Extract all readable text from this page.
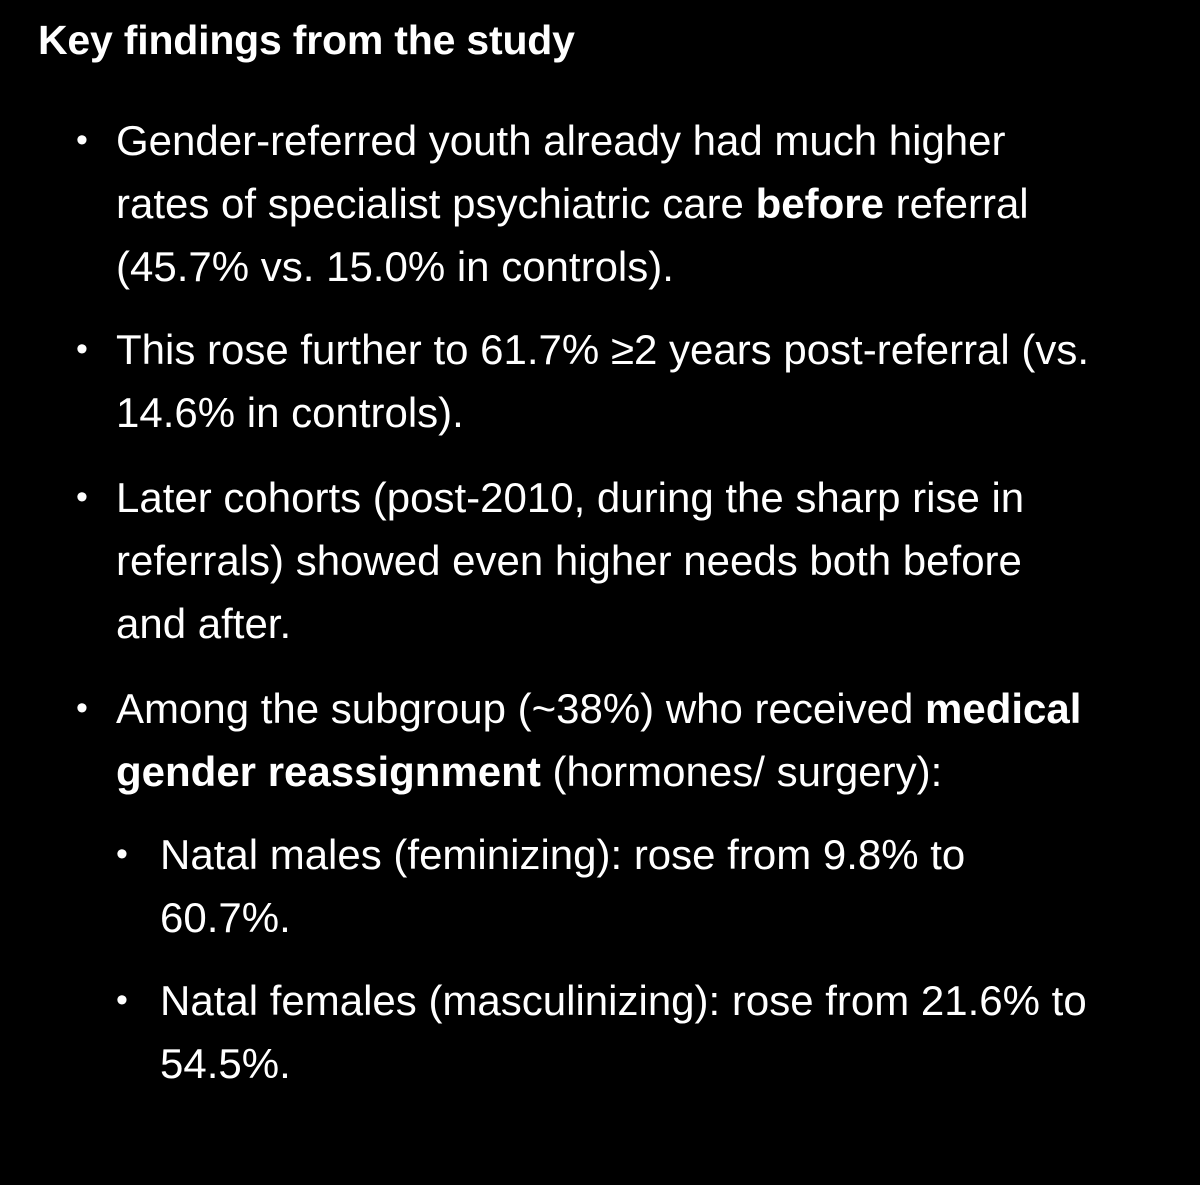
Key findings from the study
• Gender-referred youth already had much higher rates of specialist psychiatric care before referral (45.7% vs. 15.0% in controls).
• This rose further to 61.7% ≥2 years post-referral (vs. 14.6% in controls).
• Later cohorts (post-2010, during the sharp rise in referrals) showed even higher needs both before and after.
• Among the subgroup (~38%) who received medical gender reassignment (hormones/ surgery):
• Natal males (feminizing): rose from 9.8% to 60.7%.
• Natal females (masculinizing): rose from 21.6% to 54.5%.
